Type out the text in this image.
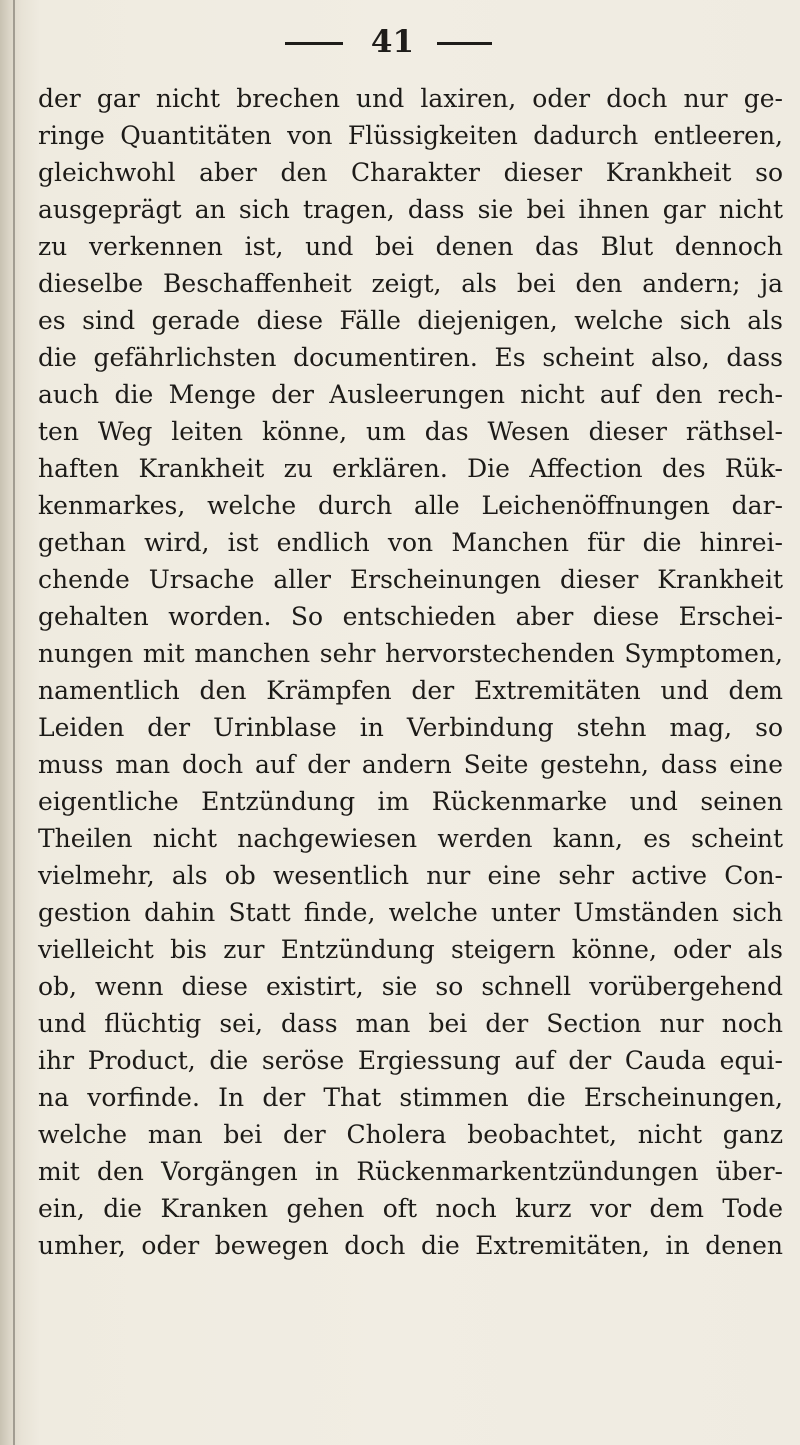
41
der gar nicht brechen und laxiren, oder doch nur ge-
ringe Quantitäten von Flüssigkeiten dadurch entleeren,
gleichwohl aber den Charakter dieser Krankheit so
ausgeprägt an sich tragen, dass sie bei ihnen gar nicht
zu verkennen ist, und bei denen das Blut dennoch
dieselbe Beschaffenheit zeigt, als bei den andern; ja
es sind gerade diese Fälle diejenigen, welche sich als
die gefährlichsten documentiren. Es scheint also, dass
auch die Menge der Ausleerungen nicht auf den rech-
ten Weg leiten könne, um das Wesen dieser räthsel-
haften Krankheit zu erklären. Die Affection des Rük-
kenmarkes, welche durch alle Leichenöffnungen dar-
gethan wird, ist endlich von Manchen für die hinrei-
chende Ursache aller Erscheinungen dieser Krankheit
gehalten worden. So entschieden aber diese Erschei-
nungen mit manchen sehr hervorstechenden Symptomen,
namentlich den Krämpfen der Extremitäten und dem
Leiden der Urinblase in Verbindung stehn mag, so
muss man doch auf der andern Seite gestehn, dass eine
eigentliche Entzündung im Rückenmarke und seinen
Theilen nicht nachgewiesen werden kann, es scheint
vielmehr, als ob wesentlich nur eine sehr active Con-
gestion dahin Statt finde, welche unter Umständen sich
vielleicht bis zur Entzündung steigern könne, oder als
ob, wenn diese existirt, sie so schnell vorübergehend
und flüchtig sei, dass man bei der Section nur noch
ihr Product, die seröse Ergiessung auf der Cauda equi-
na vorfinde. In der That stimmen die Erscheinungen,
welche man bei der Cholera beobachtet, nicht ganz
mit den Vorgängen in Rückenmarkentzündungen über-
ein, die Kranken gehen oft noch kurz vor dem Tode
umher, oder bewegen doch die Extremitäten, in denen
